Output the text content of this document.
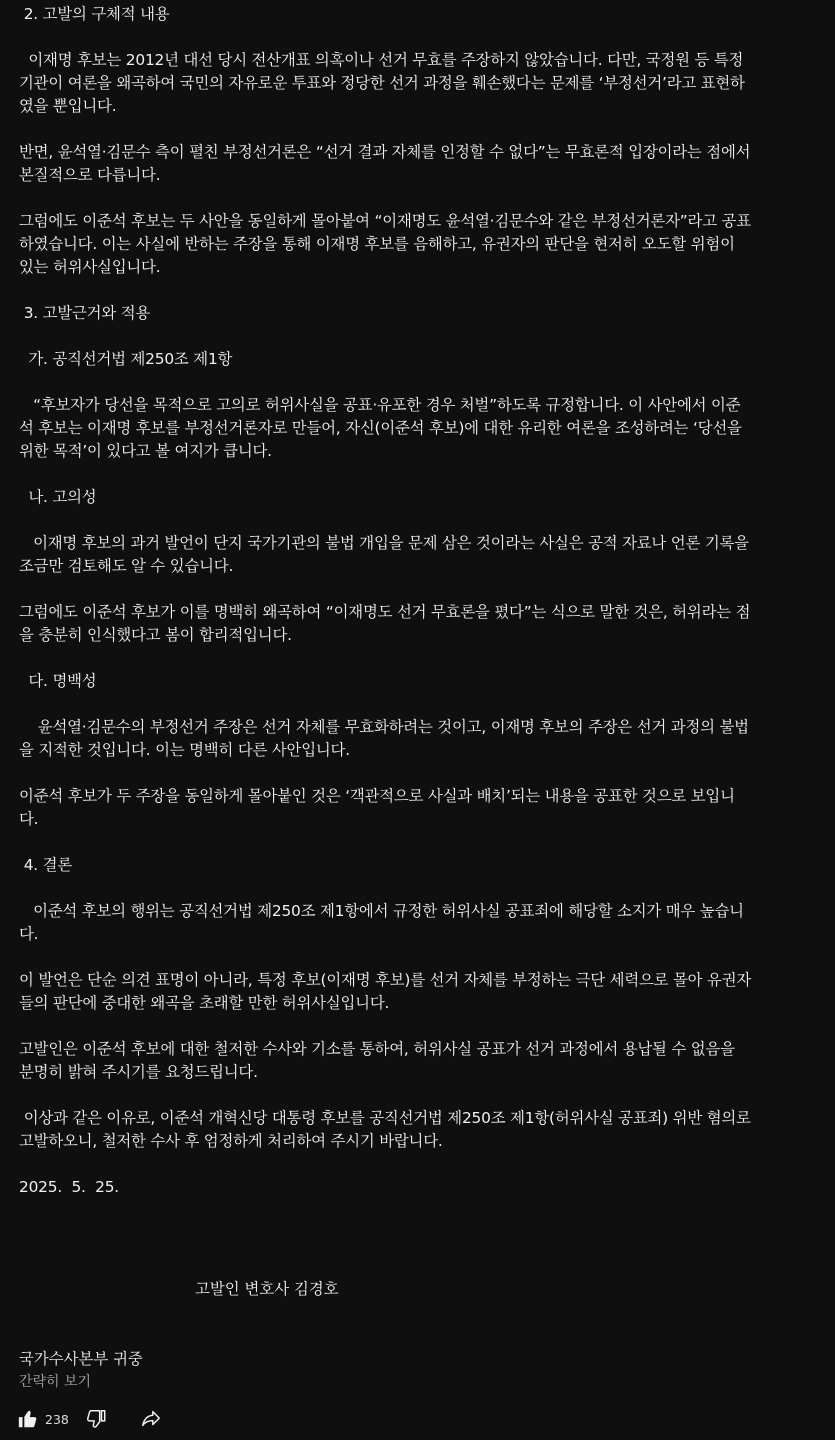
2. 고발의 구체적 내용

이재명 후보는 2012년 대선 당시 전산개표 의혹이나 선거 무효를 주장하지 않았습니다. 다만, 국정원 등 특정

기관이 여론을 왜곡하여 국민의 자유로운 투표와 정당한 선거 과정을 훼손했다는 문제를 ‘부정선거’라고 표현하

였을 뿐입니다.

반면, 윤석열·김문수 측이 펼친 부정선거론은 “선거 결과 자체를 인정할 수 없다”는 무효론적 입장이라는 점에서

본질적으로 다릅니다.

그럼에도 이준석 후보는 두 사안을 동일하게 몰아붙여 “이재명도 윤석열·김문수와 같은 부정선거론자”라고 공표

하였습니다. 이는 사실에 반하는 주장을 통해 이재명 후보를 음해하고, 유권자의 판단을 현저히 오도할 위험이

있는 허위사실입니다.

3. 고발근거와 적용

가. 공직선거법 제250조 제1항

“후보자가 당선을 목적으로 고의로 허위사실을 공표·유포한 경우 처벌”하도록 규정합니다. 이 사안에서 이준

석 후보는 이재명 후보를 부정선거론자로 만들어, 자신(이준석 후보)에 대한 유리한 여론을 조성하려는 ‘당선을

위한 목적’이 있다고 볼 여지가 큽니다.

나. 고의성

이재명 후보의 과거 발언이 단지 국가기관의 불법 개입을 문제 삼은 것이라는 사실은 공적 자료나 언론 기록을

조금만 검토해도 알 수 있습니다.

그럼에도 이준석 후보가 이를 명백히 왜곡하여 “이재명도 선거 무효론을 폈다”는 식으로 말한 것은, 허위라는 점

을 충분히 인식했다고 봄이 합리적입니다.

다. 명백성

윤석열·김문수의 부정선거 주장은 선거 자체를 무효화하려는 것이고, 이재명 후보의 주장은 선거 과정의 불법

을 지적한 것입니다. 이는 명백히 다른 사안입니다.

이준석 후보가 두 주장을 동일하게 몰아붙인 것은 ‘객관적으로 사실과 배치’되는 내용을 공표한 것으로 보입니

다.

4. 결론

이준석 후보의 행위는 공직선거법 제250조 제1항에서 규정한 허위사실 공표죄에 해당할 소지가 매우 높습니

다.

이 발언은 단순 의견 표명이 아니라, 특정 후보(이재명 후보)를 선거 자체를 부정하는 극단 세력으로 몰아 유권자

들의 판단에 중대한 왜곡을 초래할 만한 허위사실입니다.

고발인은 이준석 후보에 대한 철저한 수사와 기소를 통하여, 허위사실 공표가 선거 과정에서 용납될 수 없음을

분명히 밝혀 주시기를 요청드립니다.

이상과 같은 이유로, 이준석 개혁신당 대통령 후보를 공직선거법 제250조 제1항(허위사실 공표죄) 위반 혐의로

고발하오니, 철저한 수사 후 엄정하게 처리하여 주시기 바랍니다.

2025.  5.  25.

고발인 변호사 김경호
국가수사본부 귀중
간략히 보기
238
